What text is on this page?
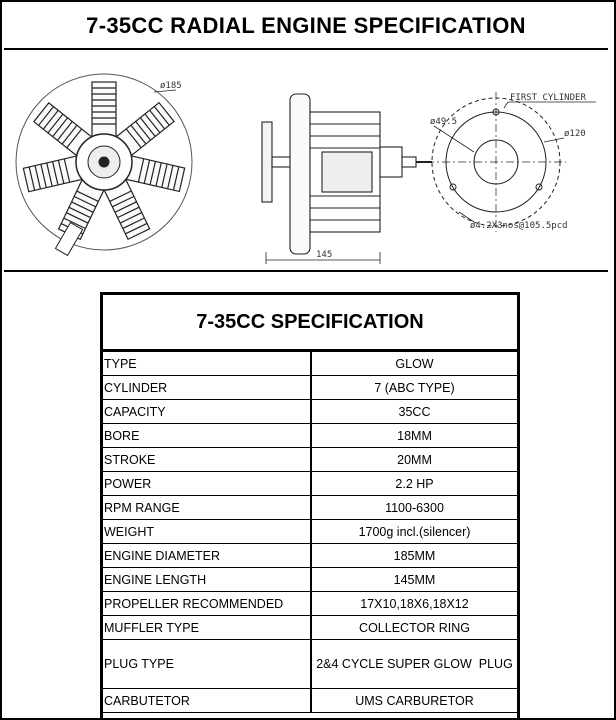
7-35CC RADIAL ENGINE SPECIFICATION
ø185
145
FIRST CYLINDER
ø49.5
ø120
ø4.2X3nos@105.5pcd
7-35CC SPECIFICATION
TYPE	GLOW
CYLINDER	7 (ABC TYPE)
CAPACITY	35CC
BORE	18MM
STROKE	20MM
POWER	2.2 HP
RPM RANGE	1100-6300
WEIGHT	1700g incl.(silencer)
ENGINE DIAMETER	185MM
ENGINE LENGTH	145MM
PROPELLER RECOMMENDED	17X10,18X6,18X12
MUFFLER TYPE	COLLECTOR RING
PLUG TYPE	2&4 CYCLE SUPER GLOW  PLUG
CARBUTETOR	UMS CARBURETOR
